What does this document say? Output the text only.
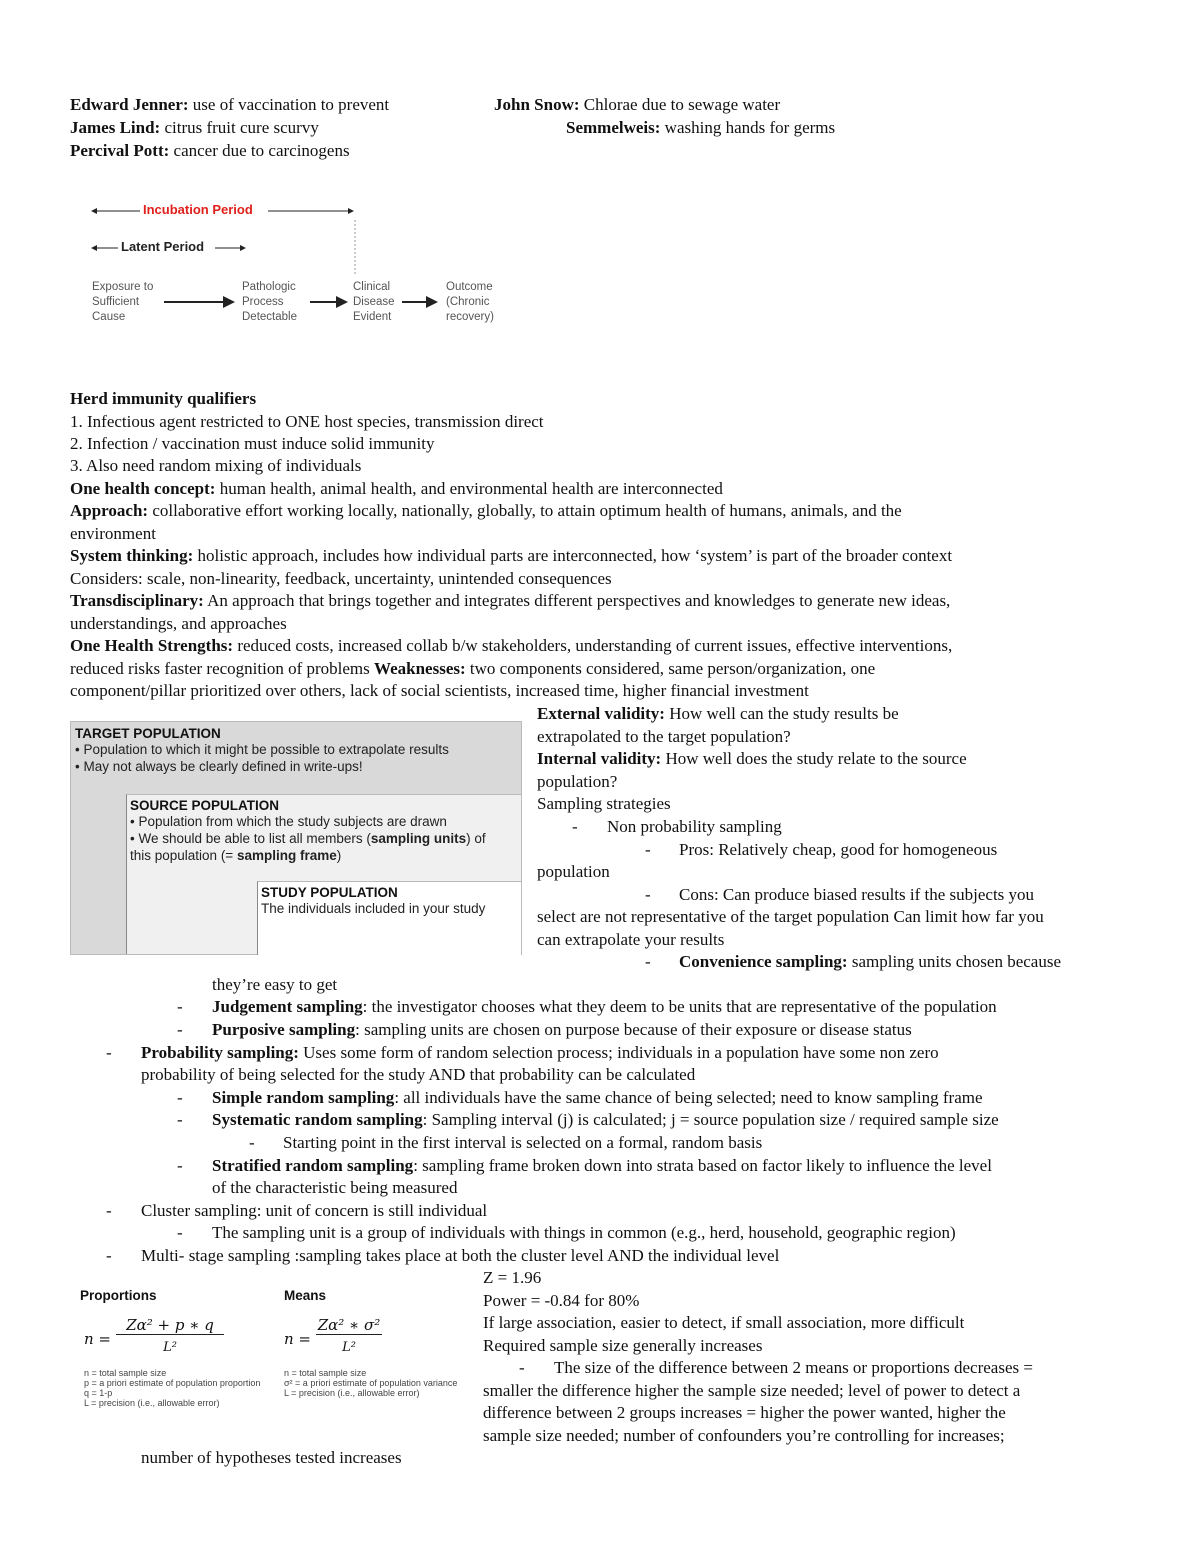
Edward Jenner: use of vaccination to prevent	John Snow: Chlorae due to sewage water
James Lind: citrus fruit cure scurvy	Semmelweis: washing hands for germs
Percival Pott: cancer due to carcinogens
Incubation Period
Latent Period
Exposure to
Sufficient
Cause
Pathologic
Process
Detectable
Clinical
Disease
Evident
Outcome
(Chronic
recovery)
Herd immunity qualifiers
1. Infectious agent restricted to ONE host species, transmission direct
2. Infection / vaccination must induce solid immunity
3. Also need random mixing of individuals
One health concept: human health, animal health, and environmental health are interconnected
Approach: collaborative effort working locally, nationally, globally, to attain optimum health of humans, animals, and the
environment
System thinking: holistic approach, includes how individual parts are interconnected, how ‘system’ is part of the broader context
Considers: scale, non-linearity, feedback, uncertainty, unintended consequences
Transdisciplinary: An approach that brings together and integrates different perspectives and knowledges to generate new ideas,
understandings, and approaches
One Health Strengths: reduced costs, increased collab b/w stakeholders, understanding of current issues, effective interventions,
reduced risks faster recognition of problems Weaknesses: two components considered, same person/organization, one
component/pillar prioritized over others, lack of social scientists, increased time, higher financial investment
TARGET POPULATION
• Population to which it might be possible to extrapolate results
• May not always be clearly defined in write-ups!
SOURCE POPULATION
• Population from which the study subjects are drawn
• We should be able to list all members (sampling units) of
this population (= sampling frame)
STUDY POPULATION
The individuals included in your study
External validity: How well can the study results be
extrapolated to the target population?
Internal validity: How well does the study relate to the source
population?
Sampling strategies
- Non probability sampling
- Pros: Relatively cheap, good for homogeneous
population
- Cons: Can produce biased results if the subjects you
select are not representative of the target population Can limit how far you
can extrapolate your results
- Convenience sampling: sampling units chosen because
they’re easy to get
- Judgement sampling: the investigator chooses what they deem to be units that are representative of the population
- Purposive sampling: sampling units are chosen on purpose because of their exposure or disease status
- Probability sampling: Uses some form of random selection process; individuals in a population have some non zero
probability of being selected for the study AND that probability can be calculated
- Simple random sampling: all individuals have the same chance of being selected; need to know sampling frame
- Systematic random sampling: Sampling interval (j) is calculated; j = source population size / required sample size
- Starting point in the first interval is selected on a formal, random basis
- Stratified random sampling: sampling frame broken down into strata based on factor likely to influence the level
of the characteristic being measured
- Cluster sampling: unit of concern is still individual
- The sampling unit is a group of individuals with things in common (e.g., herd, household, geographic region)
- Multi- stage sampling :sampling takes place at both the cluster level AND the individual level
Proportions
n =
Zα² + p ∗ q
L²
n = total sample size
p = a priori estimate of population proportion
q = 1-p
L = precision (i.e., allowable error)
Means
n =
Zα² ∗ σ²
L²
n = total sample size
σ² = a priori estimate of population variance
L = precision (i.e., allowable error)
Z = 1.96
Power = -0.84 for 80%
If large association, easier to detect, if small association, more difficult
Required sample size generally increases
- The size of the difference between 2 means or proportions decreases =
smaller the difference higher the sample size needed; level of power to detect a
difference between 2 groups increases = higher the power wanted, higher the
sample size needed; number of confounders you’re controlling for increases;
number of hypotheses tested increases
